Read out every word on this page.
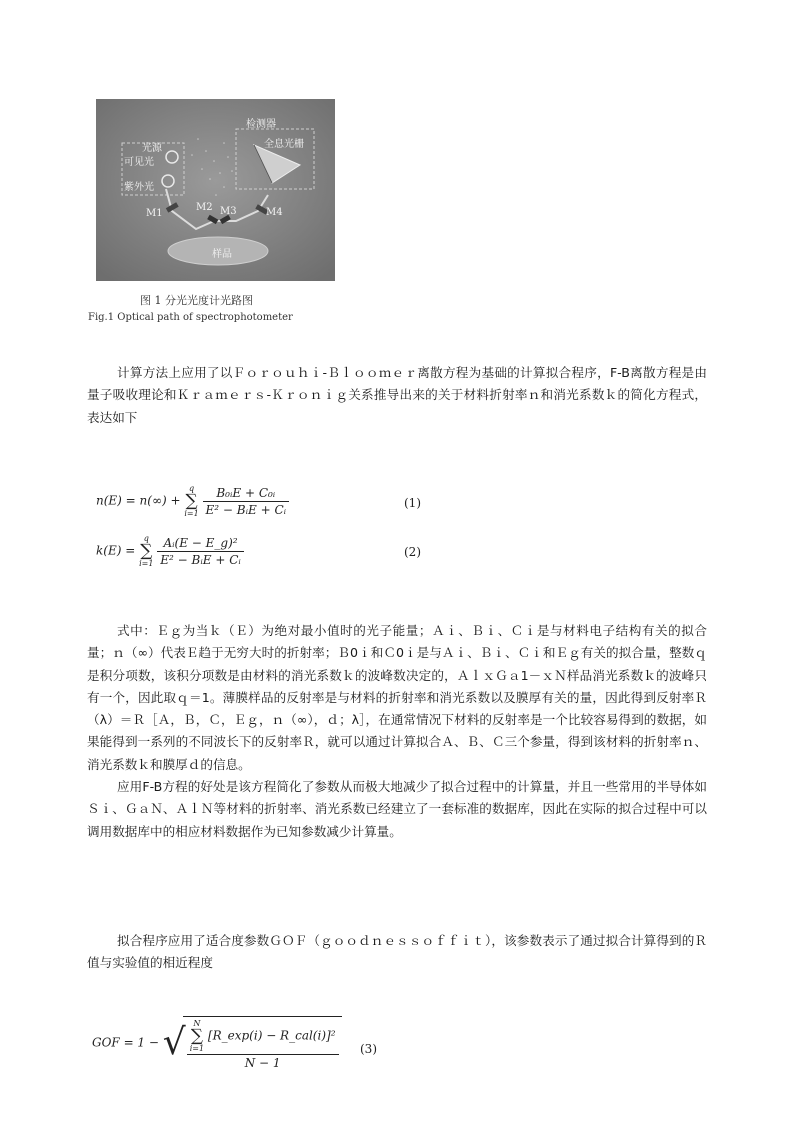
光源
可见光
紫外光
检测器
全息光栅
M1
M2 M3	M4
样品
图 1 分光光度计光路图
Fig.1 Optical path of spectrophotometer

计算方法上应用了以Ｆｏｒｏｕｈｉ-Ｂｌｏｏｍｅｒ离散方程为基础的计算拟合程序，F-B离散方程是由量子吸收理论和Ｋｒａｍｅｒｓ-Ｋｒｏｎｉｇ关系推导出来的关于材料折射率ｎ和消光系数ｋ的简化方程式，表达如下

n(E) = n(∞) +
q
∑
i=1
$\frac{\text{B₀ᵢE + C₀ᵢ}}{\text{E² − BᵢE + Cᵢ}}$	(1)
k(E) =
q
∑
i=1
$\frac{\text{Aᵢ(E − E\_g)²}}{\text{E² − BᵢE + Cᵢ}}$	(2)

式中：Ｅｇ为当ｋ（Ｅ）为绝对最小值时的光子能量；Ａｉ、Ｂｉ、Ｃｉ是与材料电子结构有关的拟合量；ｎ（∞）代表Ｅ趋于无穷大时的折射率；Ｂ0ｉ和Ｃ0ｉ是与Ａｉ、Ｂｉ、Ｃｉ和Ｅｇ有关的拟合量，整数ｑ是积分项数，该积分项数是由材料的消光系数ｋ的波峰数决定的，ＡｌｘＧａ1－ｘＮ样品消光系数ｋ的波峰只有一个，因此取ｑ＝1。薄膜样品的反射率是与材料的折射率和消光系数以及膜厚有关的量，因此得到反射率Ｒ（λ）＝Ｒ［Ａ，Ｂ，Ｃ，Ｅｇ，ｎ（∞），ｄ；λ］，在通常情况下材料的反射率是一个比较容易得到的数据，如果能得到一系列的不同波长下的反射率Ｒ，就可以通过计算拟合Ａ、Ｂ、Ｃ三个参量，得到该材料的折射率ｎ、消光系数ｋ和膜厚ｄ的信息。

应用F-B方程的好处是该方程简化了参数从而极大地减少了拟合过程中的计算量，并且一些常用的半导体如Ｓｉ、ＧａＮ、ＡｌＮ等材料的折射率、消光系数已经建立了一套标准的数据库，因此在实际的拟合过程中可以调用数据库中的相应材料数据作为已知参数减少计算量。

拟合程序应用了适合度参数ＧＯＦ（ｇｏｏｄｎｅｓｓｏｆｆｉｔ），该参数表示了通过拟合计算得到的Ｒ值与实验值的相近程度

GOF = 1 − √ N
∑
i=1
[R_exp(i) − R_cal(i)]²
N − 1
(3)
